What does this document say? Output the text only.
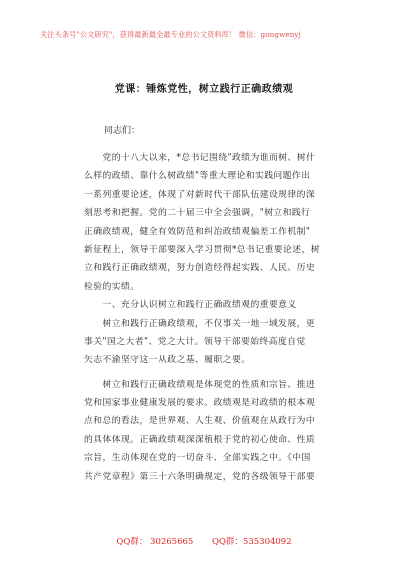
关注头条号"公文研究"，获得最新最全最专业的公文资料库！ 微信：gongwenyj
党课：锤炼党性，树立践行正确政绩观
同志们：
　　党的十八大以来，*总书记围绕"政绩为谁而树、树什
么样的政绩、靠什么树政绩"等重大理论和实践问题作出
一系列重要论述，体现了对新时代干部队伍建设规律的深
刻思考和把握。党的二十届三中全会强调，"树立和践行
正确政绩观，健全有效防范和纠治政绩观偏差工作机制"
新征程上，领导干部要深入学习贯彻*总书记重要论述，树
立和践行正确政绩观，努力创造经得起实践、人民、历史
检验的实绩。
　　一、充分认识树立和践行正确政绩观的重要意义
　　树立和践行正确政绩观，不仅事关一地一域发展，更
事关"国之大者"、党之大计。领导干部要始终高度自觉
矢志不渝坚守这一从政之基、履职之要。
　　树立和践行正确政绩观是体现党的性质和宗旨、推进
党和国家事业健康发展的要求。政绩观是对政绩的根本观
点和总的看法，是世界观、人生观、价值观在从政行为中
的具体体现。正确政绩观深深植根于党的初心使命、性质
宗旨，生动体现在党的一切奋斗、全部实践之中。《中国
共产党章程》第三十六条明确规定，党的各级领导干部要
QQ群： 30265665 QQ群：535304092
